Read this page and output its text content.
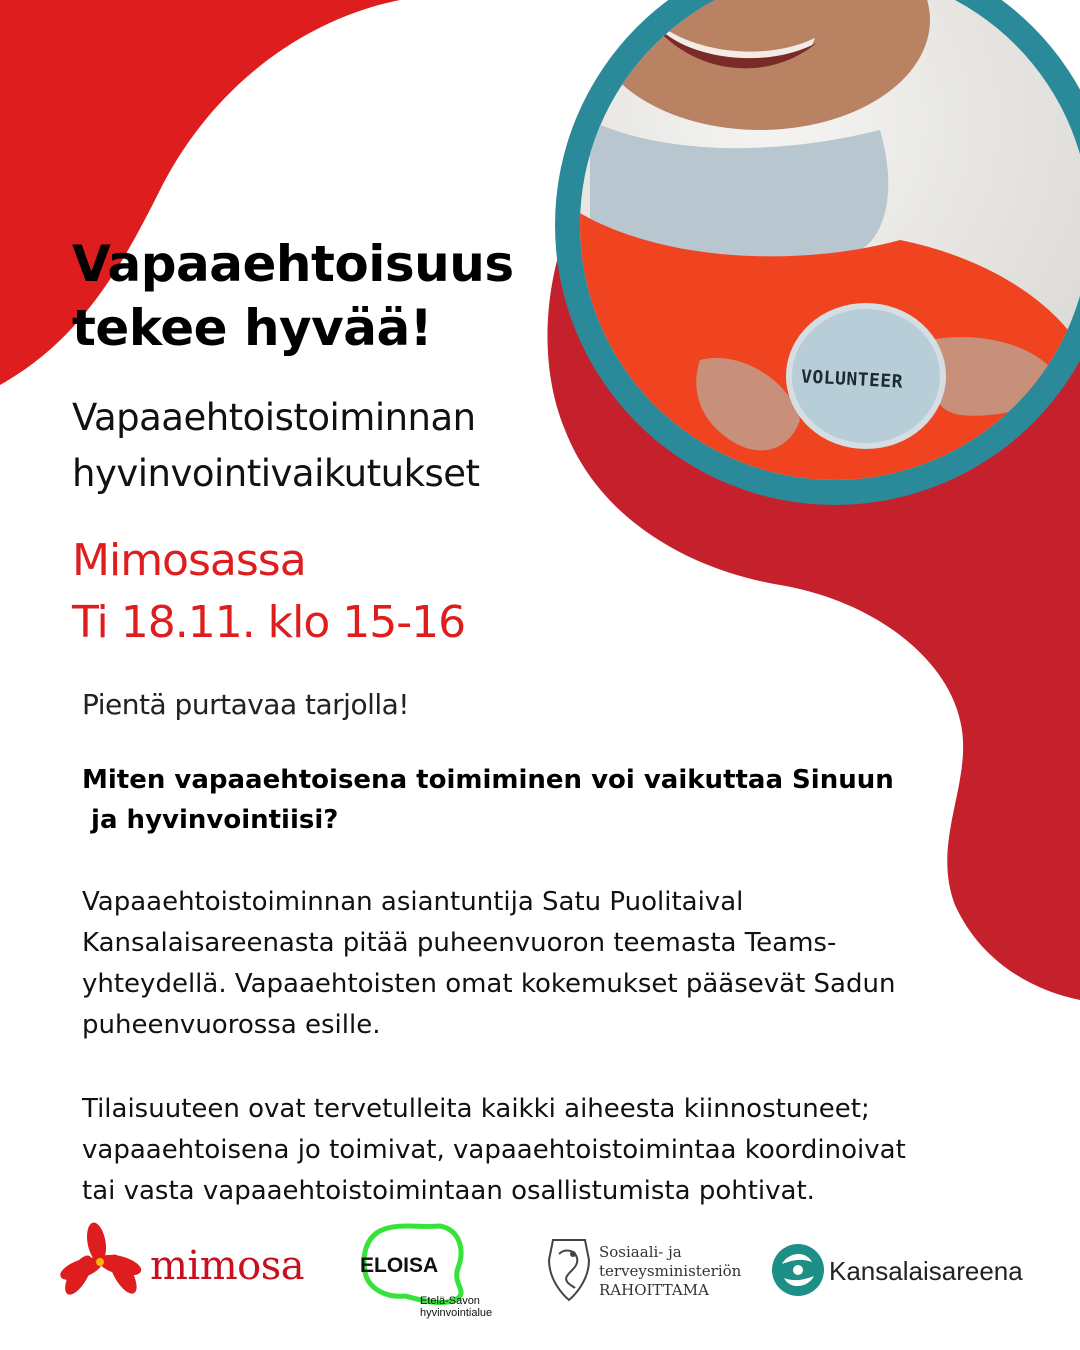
VOLUNTEER
Vapaaehtoisuus
tekee hyvää!
Vapaaehtoistoiminnan
hyvinvointivaikutukset
Mimosassa
Ti 18.11. klo 15-16
Pientä purtavaa tarjolla!
Miten vapaaehtoisena toimiminen voi vaikuttaa Sinuun
ja hyvinvointiisi?
Vapaaehtoistoiminnan asiantuntija Satu Puolitaival
Kansalaisareenasta pitää puheenvuoron teemasta Teams-
yhteydellä. Vapaaehtoisten omat kokemukset pääsevät Sadun
puheenvuorossa esille.
Tilaisuuteen ovat tervetulleita kaikki aiheesta kiinnostuneet;
vapaaehtoisena jo toimivat, vapaaehtoistoimintaa koordinoivat
tai vasta vapaaehtoistoimintaan osallistumista pohtivat.
mimosa	ELOISA
Etelä-Savon
hyvinvointialue
Sosiaali- ja
terveysministeriön
RAHOITTAMA
Kansalaisareena
